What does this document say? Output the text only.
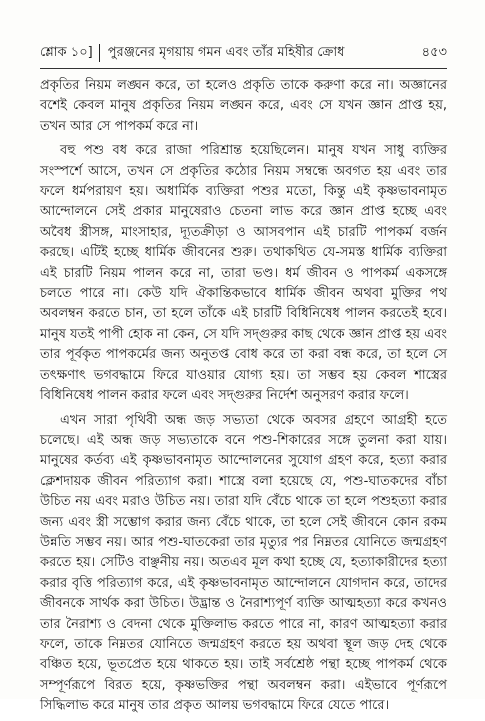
শ্লোক ১০] পুরঞ্জনের মৃগয়ায় গমন এবং তাঁর মহিষীর ক্রোধ	৪৫৩

প্রকৃতির নিয়ম লঙ্ঘন করে, তা হলেও প্রকৃতি তাকে করুণা করে না। অজ্ঞানের বশেই কেবল মানুষ প্রকৃতির নিয়ম লঙ্ঘন করে, এবং সে যখন জ্ঞান প্রাপ্ত হয়, তখন আর সে পাপকর্ম করে না।

বহু পশু বধ করে রাজা পরিশ্রান্ত হয়েছিলেন। মানুষ যখন সাধু ব্যক্তির সংস্পর্শে আসে, তখন সে প্রকৃতির কঠোর নিয়ম সম্বন্ধে অবগত হয় এবং তার ফলে ধর্মপরায়ণ হয়। অধার্মিক ব্যক্তিরা পশুর মতো, কিন্তু এই কৃষ্ণভাবনামৃত আন্দোলনে সেই প্রকার মানুষেরাও চেতনা লাভ করে জ্ঞান প্রাপ্ত হচ্ছে এবং অবৈধ স্ত্রীসঙ্গ, মাংসাহার, দ্যূতক্রীড়া ও আসবপান এই চারটি পাপকর্ম বর্জন করছে। এটিই হচ্ছে ধার্মিক জীবনের শুরু। তথাকথিত যে-সমস্ত ধার্মিক ব্যক্তিরা এই চারটি নিয়ম পালন করে না, তারা ভণ্ড। ধর্ম জীবন ও পাপকর্ম একসঙ্গে চলতে পারে না। কেউ যদি ঐকান্তিকভাবে ধার্মিক জীবন অথবা মুক্তির পথ অবলম্বন করতে চান, তা হলে তাঁকে এই চারটি বিধিনিষেধ পালন করতেই হবে। মানুষ যতই পাপী হোক না কেন, সে যদি সদ্গুরুর কাছ থেকে জ্ঞান প্রাপ্ত হয় এবং তার পূর্বকৃত পাপকর্মের জন্য অনুতপ্ত বোধ করে তা করা বন্ধ করে, তা হলে সে তৎক্ষণাৎ ভগবদ্ধামে ফিরে যাওয়ার যোগ্য হয়। তা সম্ভব হয় কেবল শাস্ত্রের বিধিনিষেধ পালন করার ফলে এবং সদ্গুরুর নির্দেশ অনুসরণ করার ফলে।

এখন সারা পৃথিবী অন্ধ জড় সভ্যতা থেকে অবসর গ্রহণে আগ্রহী হতে চলেছে। এই অন্ধ জড় সভ্যতাকে বনে পশু-শিকারের সঙ্গে তুলনা করা যায়। মানুষের কর্তব্য এই কৃষ্ণভাবনামৃত আন্দোলনের সুযোগ গ্রহণ করে, হত্যা করার ক্লেশদায়ক জীবন পরিত্যাগ করা। শাস্ত্রে বলা হয়েছে যে, পশু-ঘাতকদের বাঁচা উচিত নয় এবং মরাও উচিত নয়। তারা যদি বেঁচে থাকে তা হলে পশুহত্যা করার জন্য এবং স্ত্রী সম্ভোগ করার জন্য বেঁচে থাকে, তা হলে সেই জীবনে কোন রকম উন্নতি সম্ভব নয়। আর পশু-ঘাতকেরা তার মৃত্যুর পর নিম্নতর যোনিতে জন্মগ্রহণ করতে হয়। সেটিও বাঞ্ছনীয় নয়। অতএব মূল কথা হচ্ছে যে, হত্যাকারীদের হত্যা করার বৃত্তি পরিত্যাগ করে, এই কৃষ্ণভাবনামৃত আন্দোলনে যোগদান করে, তাদের জীবনকে সার্থক করা উচিত। উদ্ভ্রান্ত ও নৈরাশ্যপূর্ণ ব্যক্তি আত্মহত্যা করে কখনও তার নৈরাশ্য ও বেদনা থেকে মুক্তিলাভ করতে পারে না, কারণ আত্মহত্যা করার ফলে, তাকে নিম্নতর যোনিতে জন্মগ্রহণ করতে হয় অথবা স্থূল জড় দেহ থেকে বঞ্চিত হয়ে, ভূতপ্রেত হয়ে থাকতে হয়। তাই সর্বশ্রেষ্ঠ পন্থা হচ্ছে পাপকর্ম থেকে সম্পূর্ণরূপে বিরত হয়ে, কৃষ্ণভক্তির পন্থা অবলম্বন করা। এইভাবে পূর্ণরূপে সিদ্ধিলাভ করে মানুষ তার প্রকৃত আলয় ভগবদ্ধামে ফিরে যেতে পারে।
